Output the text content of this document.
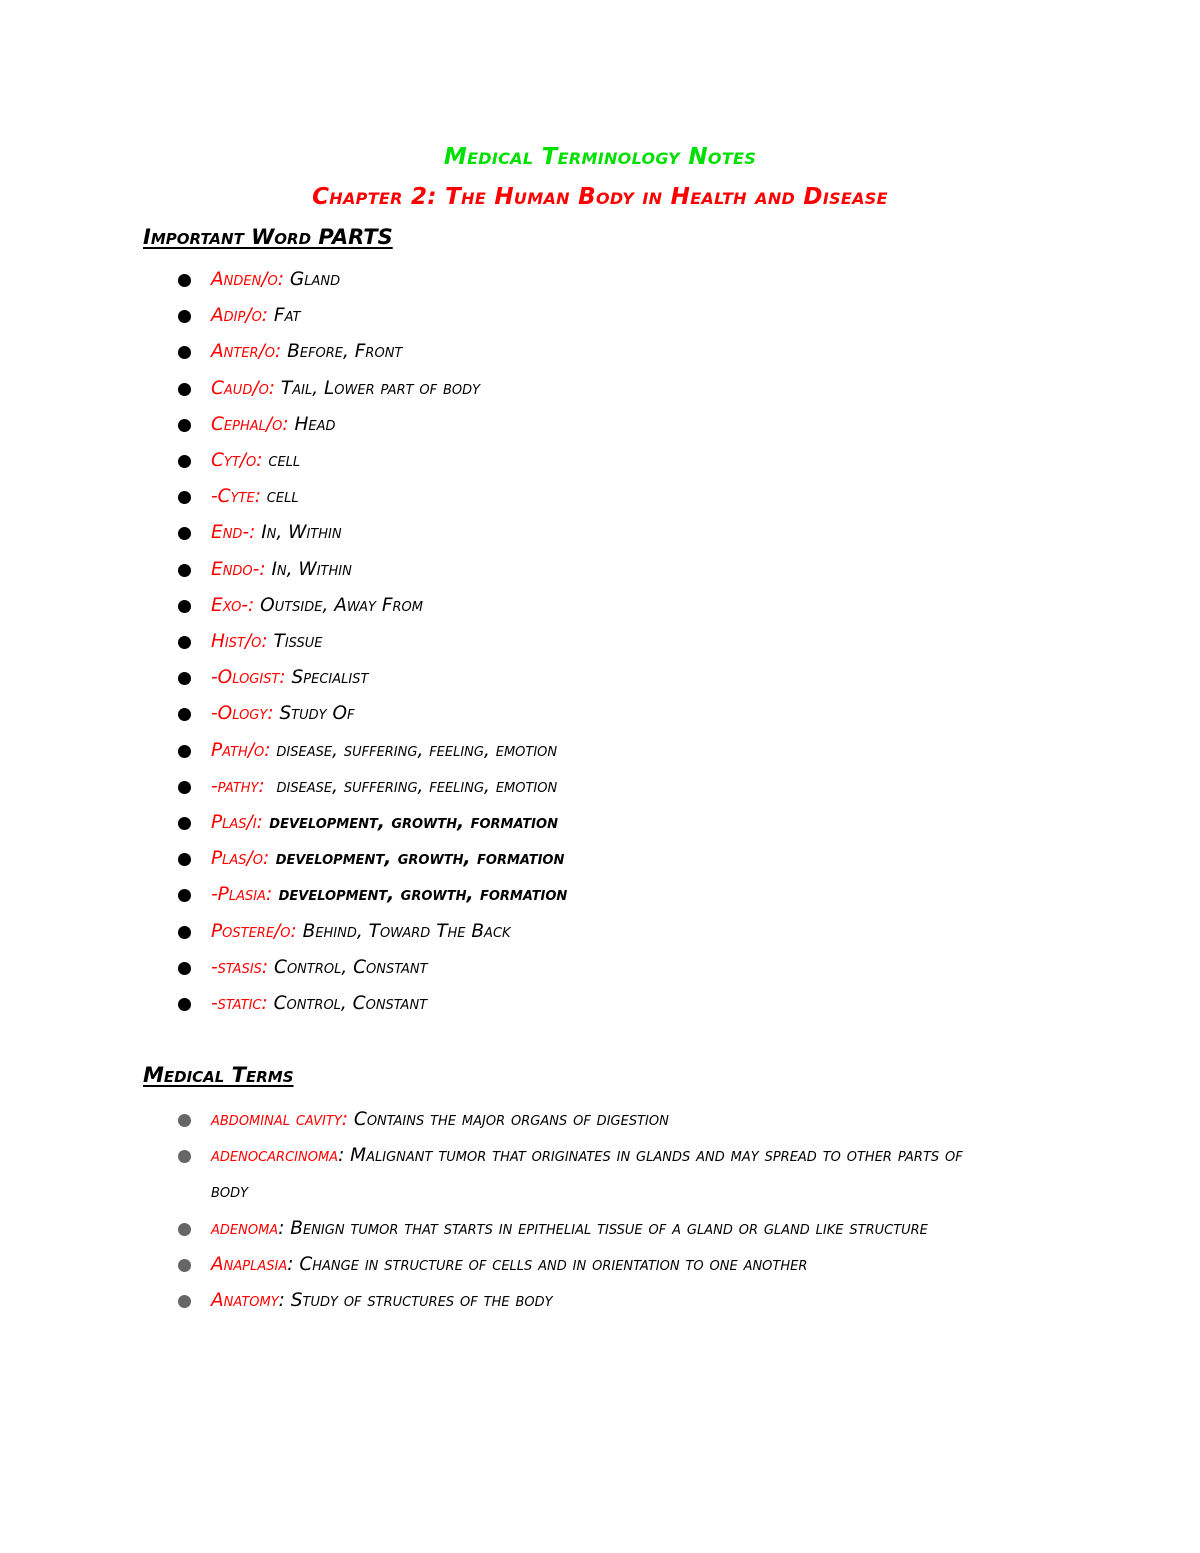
Medical Terminology Notes
Chapter 2: The Human Body in Health and Disease
Important Word PARTS
Anden/o: Gland
Adip/o: Fat
Anter/o: Before, Front
Caud/o: Tail, Lower part of body
Cephal/o: Head
Cyt/o: cell
-Cyte: cell
End-: In, Within
Endo-: In, Within
Exo-: Outside, Away From
Hist/o: Tissue
-Ologist: Specialist
-Ology: Study Of
Path/o: disease, suffering, feeling, emotion
-pathy:  disease, suffering, feeling, emotion
Plas/i: development, growth, formation
Plas/o: development, growth, formation
-Plasia: development, growth, formation
Postere/o: Behind, Toward The Back
-stasis: Control, Constant
-static: Control, Constant
Medical Terms
abdominal cavity: Contains the major organs of digestion
adenocarcinoma: Malignant tumor that originates in glands and may spread to other parts of body
adenoma: Benign tumor that starts in epithelial tissue of a gland or gland like structure
Anaplasia: Change in structure of cells and in orientation to one another
Anatomy: Study of structures of the body
